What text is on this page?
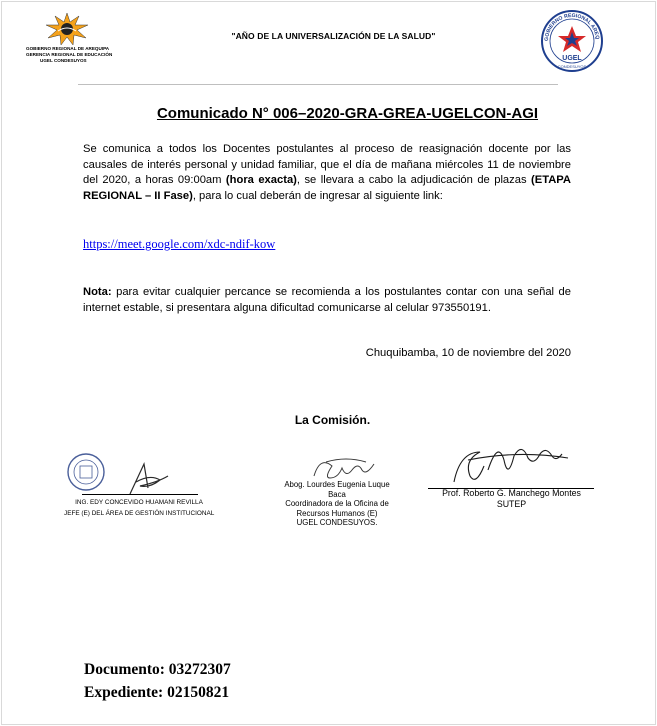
GOBIERNO REGIONAL DE AREQUIPA
GERENCIA REGIONAL DE EDUCACIÓN
UGEL CONDESUYOS
"AÑO DE LA UNIVERSALIZACIÓN DE LA SALUD"	GOBIERNO REGIONAL AREQ
UGEL
CONDESUYOS
Comunicado N° 006–2020-GRA-GREA-UGELCON-AGI
Se comunica a todos los Docentes postulantes al proceso de reasignación docente por las causales de interés personal y unidad familiar, que el día de mañana miércoles 11 de noviembre del 2020, a horas 09:00am (hora exacta), se llevara a cabo la adjudicación de plazas (ETAPA REGIONAL – II Fase), para lo cual deberán de ingresar al siguiente link:
https://meet.google.com/xdc-ndif-kow
Nota: para evitar cualquier percance se recomienda a los postulantes contar con una señal de internet estable, si presentara alguna dificultad comunicarse al celular 973550191.
Chuquibamba, 10 de noviembre del 2020
La Comisión.
ING. EDY CONCEVIDO HUAMANI REVILLA
JEFE (E) DEL ÁREA DE GESTIÓN INSTITUCIONAL
Abog. Lourdes Eugenia Luque
Baca
Coordinadora de la Oficina de
Recursos Humanos (E)
UGEL CONDESUYOS.
Prof. Roberto G. Manchego Montes
SUTEP
Documento: 03272307
Expediente: 02150821
